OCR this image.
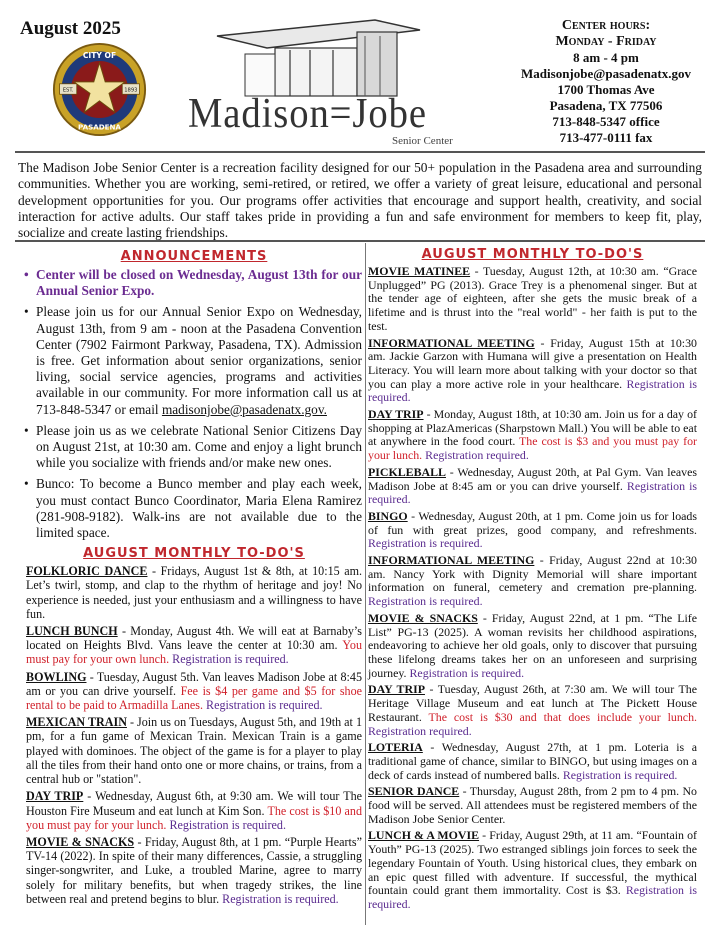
August 2025
EST.	1893
CITY OF
PASADENA Madison=Jobe
Senior Center
Center hours:
Monday - Friday
8 am - 4 pm
Madisonjobe@pasadenatx.gov
1700 Thomas Ave
Pasadena, TX 77506
713-848-5347 office
713-477-0111 fax
The Madison Jobe Senior Center is a recreation facility designed for our 50+ population in the Pasadena area and surrounding communities. Whether you are working, semi-retired, or retired, we offer a variety of great leisure, educational and personal development opportunities for you. Our programs offer activities that encourage and support health, creativity, and social interaction for active adults. Our staff takes pride in providing a fun and safe environment for members to keep fit, play, socialize and create lasting friendships.
ANNOUNCEMENTS
• Center will be closed on Wednesday, August 13th for our Annual Senior Expo.
• Please join us for our Annual Senior Expo on Wednesday, August 13th, from 9 am - noon at the Pasadena Convention Center (7902 Fairmont Parkway, Pasadena, TX). Admission is free. Get information about senior organizations, senior living, social service agencies, programs and activities available in our community. For more information call us at 713-848-5347 or email madisonjobe@pasadenatx.gov.
• Please join us as we celebrate National Senior Citizens Day on August 21st, at 10:30 am. Come and enjoy a light brunch while you socialize with friends and/or make new ones.
• Bunco: To become a Bunco member and play each week, you must contact Bunco Coordinator, Maria Elena Ramirez (281-908-9182). Walk-ins are not available due to the limited space.
AUGUST MONTHLY TO-DO'S

FOLKLORIC DANCE - Fridays, August 1st & 8th, at 10:15 am. Let’s twirl, stomp, and clap to the rhythm of heritage and joy! No experience is needed, just your enthusiasm and a willingness to have fun.

LUNCH BUNCH - Monday, August 4th. We will eat at Barnaby’s located on Heights Blvd. Vans leave the center at 10:30 am. You must pay for your own lunch. Registration is required.

BOWLING - Tuesday, August 5th. Van leaves Madison Jobe at 8:45 am or you can drive yourself. Fee is $4 per game and $5 for shoe rental to be paid to Armadilla Lanes. Registration is required.

MEXICAN TRAIN - Join us on Tuesdays, August 5th, and 19th at 1 pm, for a fun game of Mexican Train. Mexican Train is a game played with dominoes. The object of the game is for a player to play all the tiles from their hand onto one or more chains, or trains, from a central hub or "station".

DAY TRIP - Wednesday, August 6th, at 9:30 am. We will tour The Houston Fire Museum and eat lunch at Kim Son. The cost is $10 and you must pay for your lunch. Registration is required.

MOVIE & SNACKS - Friday, August 8th, at 1 pm. “Purple Hearts” TV-14 (2022). In spite of their many differences, Cassie, a struggling singer-songwriter, and Luke, a troubled Marine, agree to marry solely for military benefits, but when tragedy strikes, the line between real and pretend begins to blur. Registration is required.

AUGUST MONTHLY TO-DO'S

MOVIE MATINEE - Tuesday, August 12th, at 10:30 am. “Grace Unplugged” PG (2013). Grace Trey is a phenomenal singer. But at the tender age of eighteen, after she gets the music break of a lifetime and is thrust into the "real world" - her faith is put to the test.

INFORMATIONAL MEETING - Friday, August 15th at 10:30 am. Jackie Garzon with Humana will give a presentation on Health Literacy. You will learn more about talking with your doctor so that you can play a more active role in your healthcare. Registration is required.

DAY TRIP - Monday, August 18th, at 10:30 am. Join us for a day of shopping at PlazAmericas (Sharpstown Mall.) You will be able to eat at anywhere in the food court. The cost is $3 and you must pay for your lunch. Registration required.

PICKLEBALL - Wednesday, August 20th, at Pal Gym. Van leaves Madison Jobe at 8:45 am or you can drive yourself. Registration is required.

BINGO - Wednesday, August 20th, at 1 pm. Come join us for loads of fun with great prizes, good company, and refreshments. Registration is required.

INFORMATIONAL MEETING - Friday, August 22nd at 10:30 am. Nancy York with Dignity Memorial will share important information on funeral, cemetery and cremation pre-planning. Registration is required.

MOVIE & SNACKS - Friday, August 22nd, at 1 pm. “The Life List” PG-13 (2025). A woman revisits her childhood aspirations, endeavoring to achieve her old goals, only to discover that pursuing these lifelong dreams takes her on an unforeseen and surprising journey. Registration is required.

DAY TRIP - Tuesday, August 26th, at 7:30 am. We will tour The Heritage Village Museum and eat lunch at The Pickett House Restaurant. The cost is $30 and that does include your lunch. Registration required.

LOTERIA - Wednesday, August 27th, at 1 pm. Loteria is a traditional game of chance, similar to BINGO, but using images on a deck of cards instead of numbered balls. Registration is required.

SENIOR DANCE - Thursday, August 28th, from 2 pm to 4 pm. No food will be served. All attendees must be registered members of the Madison Jobe Senior Center.

LUNCH & A MOVIE - Friday, August 29th, at 11 am. “Fountain of Youth” PG-13 (2025). Two estranged siblings join forces to seek the legendary Fountain of Youth. Using historical clues, they embark on an epic quest filled with adventure. If successful, the mythical fountain could grant them immortality. Cost is $3. Registration is required.
